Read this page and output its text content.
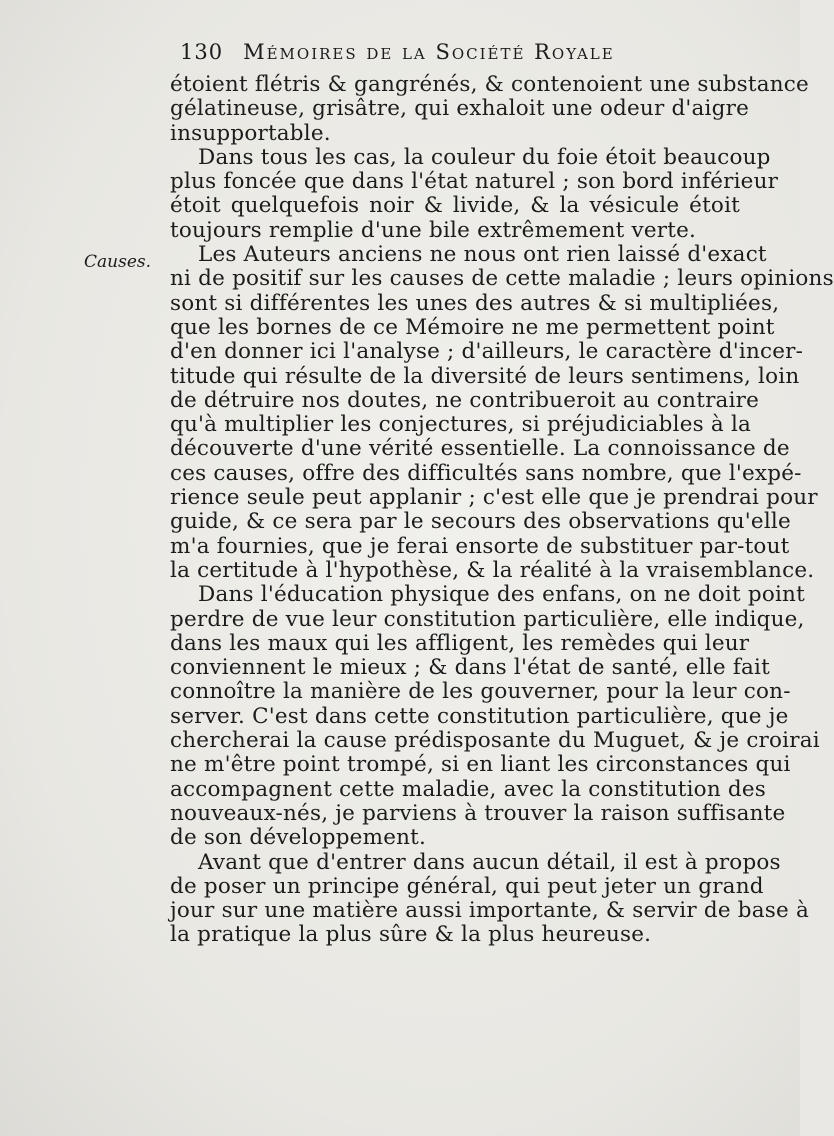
130 Mémoires de la Société Royale
Causes.
étoient flétris & gangrénés, & contenoient une substance
gélatineuse, grisâtre, qui exhaloit une odeur d'aigre
insupportable.
Dans tous les cas, la couleur du foie étoit beaucoup
plus foncée que dans l'état naturel ; son bord inférieur
étoit quelquefois noir & livide, & la vésicule étoit
toujours remplie d'une bile extrêmement verte.
Les Auteurs anciens ne nous ont rien laissé d'exact
ni de positif sur les causes de cette maladie ; leurs opinions
sont si différentes les unes des autres & si multipliées,
que les bornes de ce Mémoire ne me permettent point
d'en donner ici l'analyse ; d'ailleurs, le caractère d'incer-
titude qui résulte de la diversité de leurs sentimens, loin
de détruire nos doutes, ne contribueroit au contraire
qu'à multiplier les conjectures, si préjudiciables à la
découverte d'une vérité essentielle. La connoissance de
ces causes, offre des difficultés sans nombre, que l'expé-
rience seule peut applanir ; c'est elle que je prendrai pour
guide, & ce sera par le secours des observations qu'elle
m'a fournies, que je ferai ensorte de substituer par-tout
la certitude à l'hypothèse, & la réalité à la vraisemblance.
Dans l'éducation physique des enfans, on ne doit point
perdre de vue leur constitution particulière, elle indique,
dans les maux qui les affligent, les remèdes qui leur
conviennent le mieux ; & dans l'état de santé, elle fait
connoître la manière de les gouverner, pour la leur con-
server. C'est dans cette constitution particulière, que je
chercherai la cause prédisposante du Muguet, & je croirai
ne m'être point trompé, si en liant les circonstances qui
accompagnent cette maladie, avec la constitution des
nouveaux-nés, je parviens à trouver la raison suffisante
de son développement.
Avant que d'entrer dans aucun détail, il est à propos
de poser un principe général, qui peut jeter un grand
jour sur une matière aussi importante, & servir de base à
la pratique la plus sûre & la plus heureuse.
